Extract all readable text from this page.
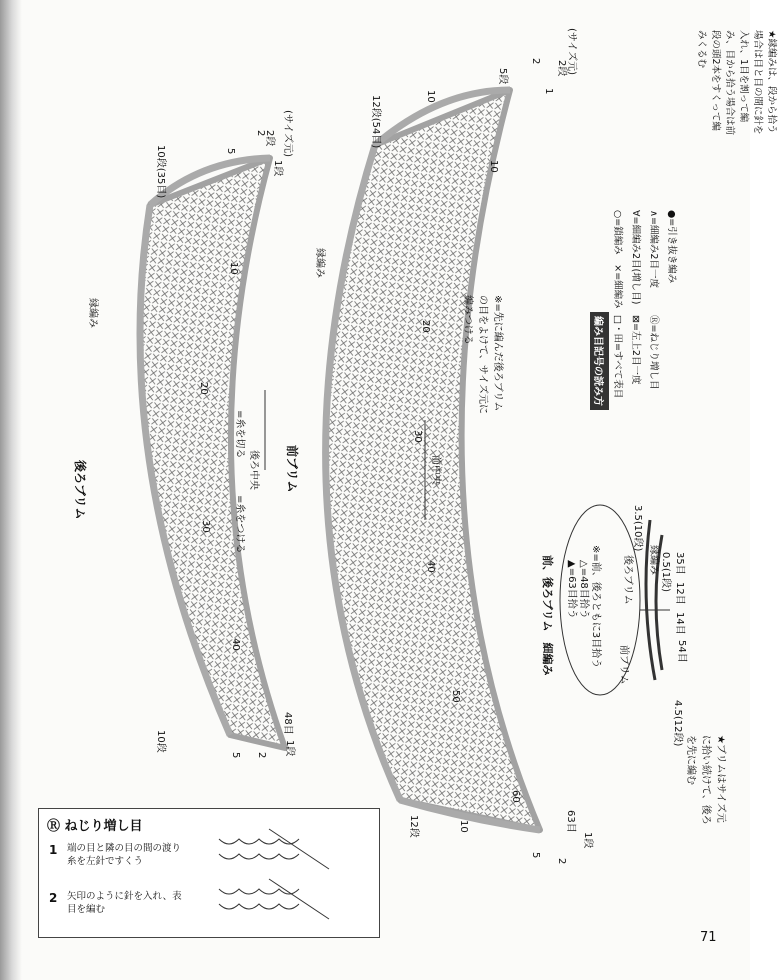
後ろブリム
10段(35目)	5
2
1段
2段 (サイズ元)
10段
5 2 1段
48目
10
20
30
40
縁編み
後ろ中央
=糸を切る
=糸をつける
前ブリム
12段(54目)	10
5段
2
1
2段 (サイズ元)
12段	10
5
2
1段
63目
10
20
30
40
50
60
縁編み
前中央
※=先に編んだ後ろブリムの目をよけて、サイズ元に編みつける
★縁編みは、段から拾う場合は目と目の間に針を入れ、1目を割って編み、目から拾う場合は前段の頭2本をすくって編みくるむ
前、後ろブリム　細編み ▲=63目拾う △=48目拾う ※=前、後ろともに3目拾う	前ブリム
後ろブリム
3.5(10段)
縁編み 0.5(1段)
14目
12目
35目
54目
4.5(12段)
★ブリムはサイズ元に拾い続けて、後ろを先に編む
編み目記号の読み方 □・田=すべて表目
○=鎖編み　×=細編み
⊠=左上2目一度
∀=細編み2目(増し目)
Ⓡ=ねじり増し目
∧=細編み2目一度 ●=引き抜き編み
Ⓡ ねじり増し目
1 端の目と隣の目の間の渡り糸を左針ですくう
2 矢印のように針を入れ、表目を編む
71
